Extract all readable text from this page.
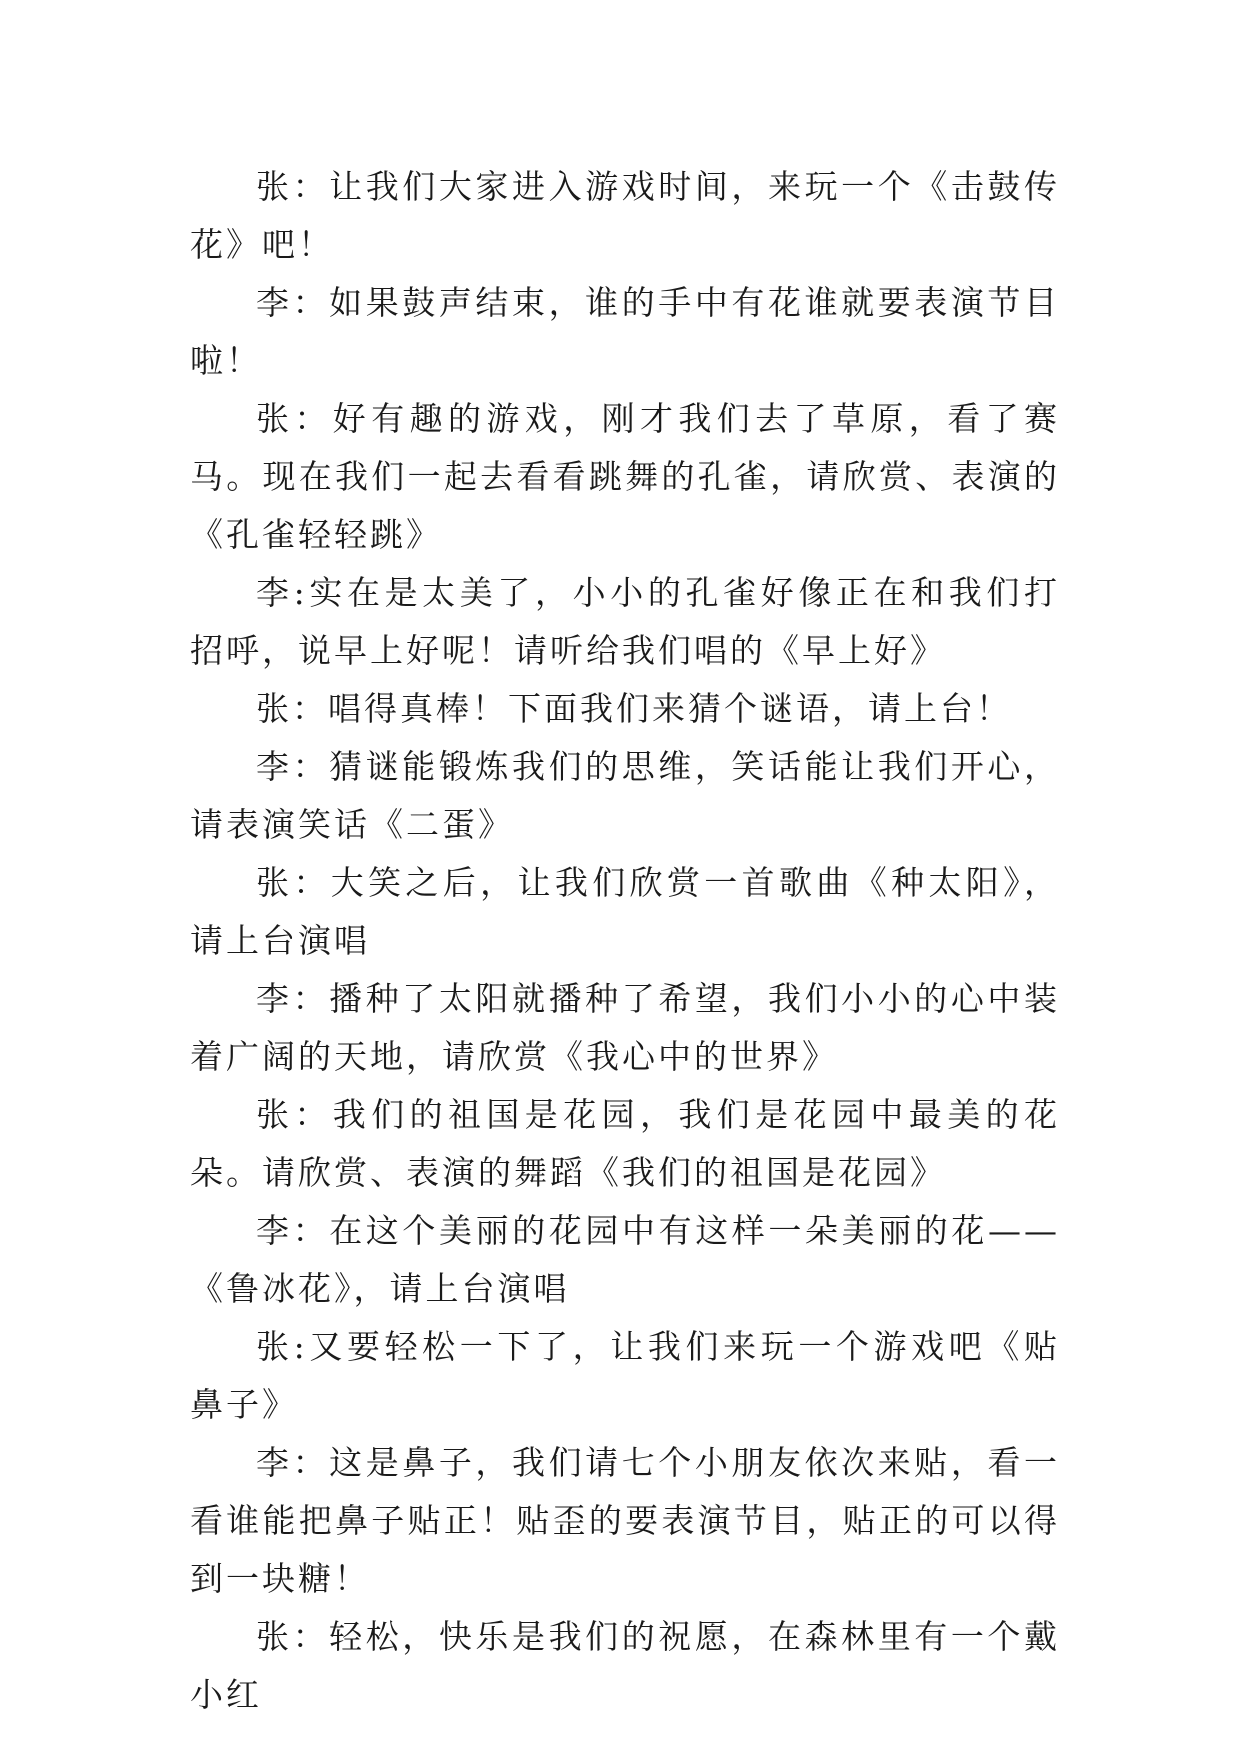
张：让我们大家进入游戏时间，来玩一个《击鼓传花》吧！

李：如果鼓声结束，谁的手中有花谁就要表演节目啦！

张：好有趣的游戏，刚才我们去了草原，看了赛马。现在我们一起去看看跳舞的孔雀，请欣赏、表演的《孔雀轻轻跳》

李:实在是太美了，小小的孔雀好像正在和我们打招呼，说早上好呢！请听给我们唱的《早上好》

张：唱得真棒！下面我们来猜个谜语，请上台！

李：猜谜能锻炼我们的思维，笑话能让我们开心，请表演笑话《二蛋》

张：大笑之后，让我们欣赏一首歌曲《种太阳》，请上台演唱

李：播种了太阳就播种了希望，我们小小的心中装着广阔的天地，请欣赏《我心中的世界》

张：我们的祖国是花园，我们是花园中最美的花朵。请欣赏、表演的舞蹈《我们的祖国是花园》

李：在这个美丽的花园中有这样一朵美丽的花——《鲁冰花》，请上台演唱

张:又要轻松一下了，让我们来玩一个游戏吧《贴鼻子》

李：这是鼻子，我们请七个小朋友依次来贴，看一看谁能把鼻子贴正！贴歪的要表演节目，贴正的可以得到一块糖！

张：轻松，快乐是我们的祝愿，在森林里有一个戴小红
